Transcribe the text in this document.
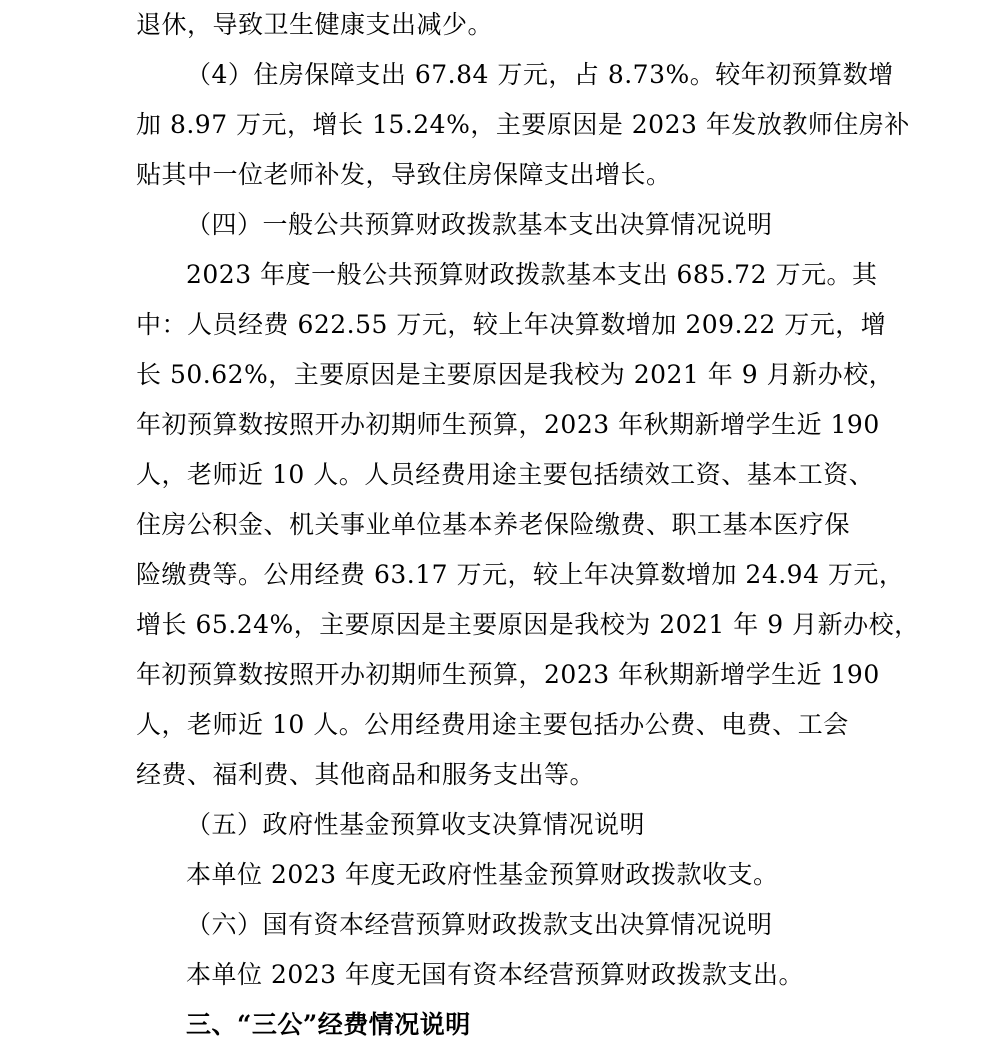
退休，导致卫生健康支出减少。
（4）住房保障支出 67.84 万元，占 8.73%。较年初预算数增
加 8.97 万元，增长 15.24%，主要原因是 2023 年发放教师住房补
贴其中一位老师补发，导致住房保障支出增长。
（四）一般公共预算财政拨款基本支出决算情况说明
2023 年度一般公共预算财政拨款基本支出 685.72 万元。其
中：人员经费 622.55 万元，较上年决算数增加 209.22 万元，增
长 50.62%，主要原因是主要原因是我校为 2021 年 9 月新办校，
年初预算数按照开办初期师生预算，2023 年秋期新增学生近 190
人，老师近 10 人。人员经费用途主要包括绩效工资、基本工资、
住房公积金、机关事业单位基本养老保险缴费、职工基本医疗保
险缴费等。公用经费 63.17 万元，较上年决算数增加 24.94 万元，
增长 65.24%，主要原因是主要原因是我校为 2021 年 9 月新办校，
年初预算数按照开办初期师生预算，2023 年秋期新增学生近 190
人，老师近 10 人。公用经费用途主要包括办公费、电费、工会
经费、福利费、其他商品和服务支出等。
（五）政府性基金预算收支决算情况说明
本单位 2023 年度无政府性基金预算财政拨款收支。
（六）国有资本经营预算财政拨款支出决算情况说明
本单位 2023 年度无国有资本经营预算财政拨款支出。
三、“三公”经费情况说明
